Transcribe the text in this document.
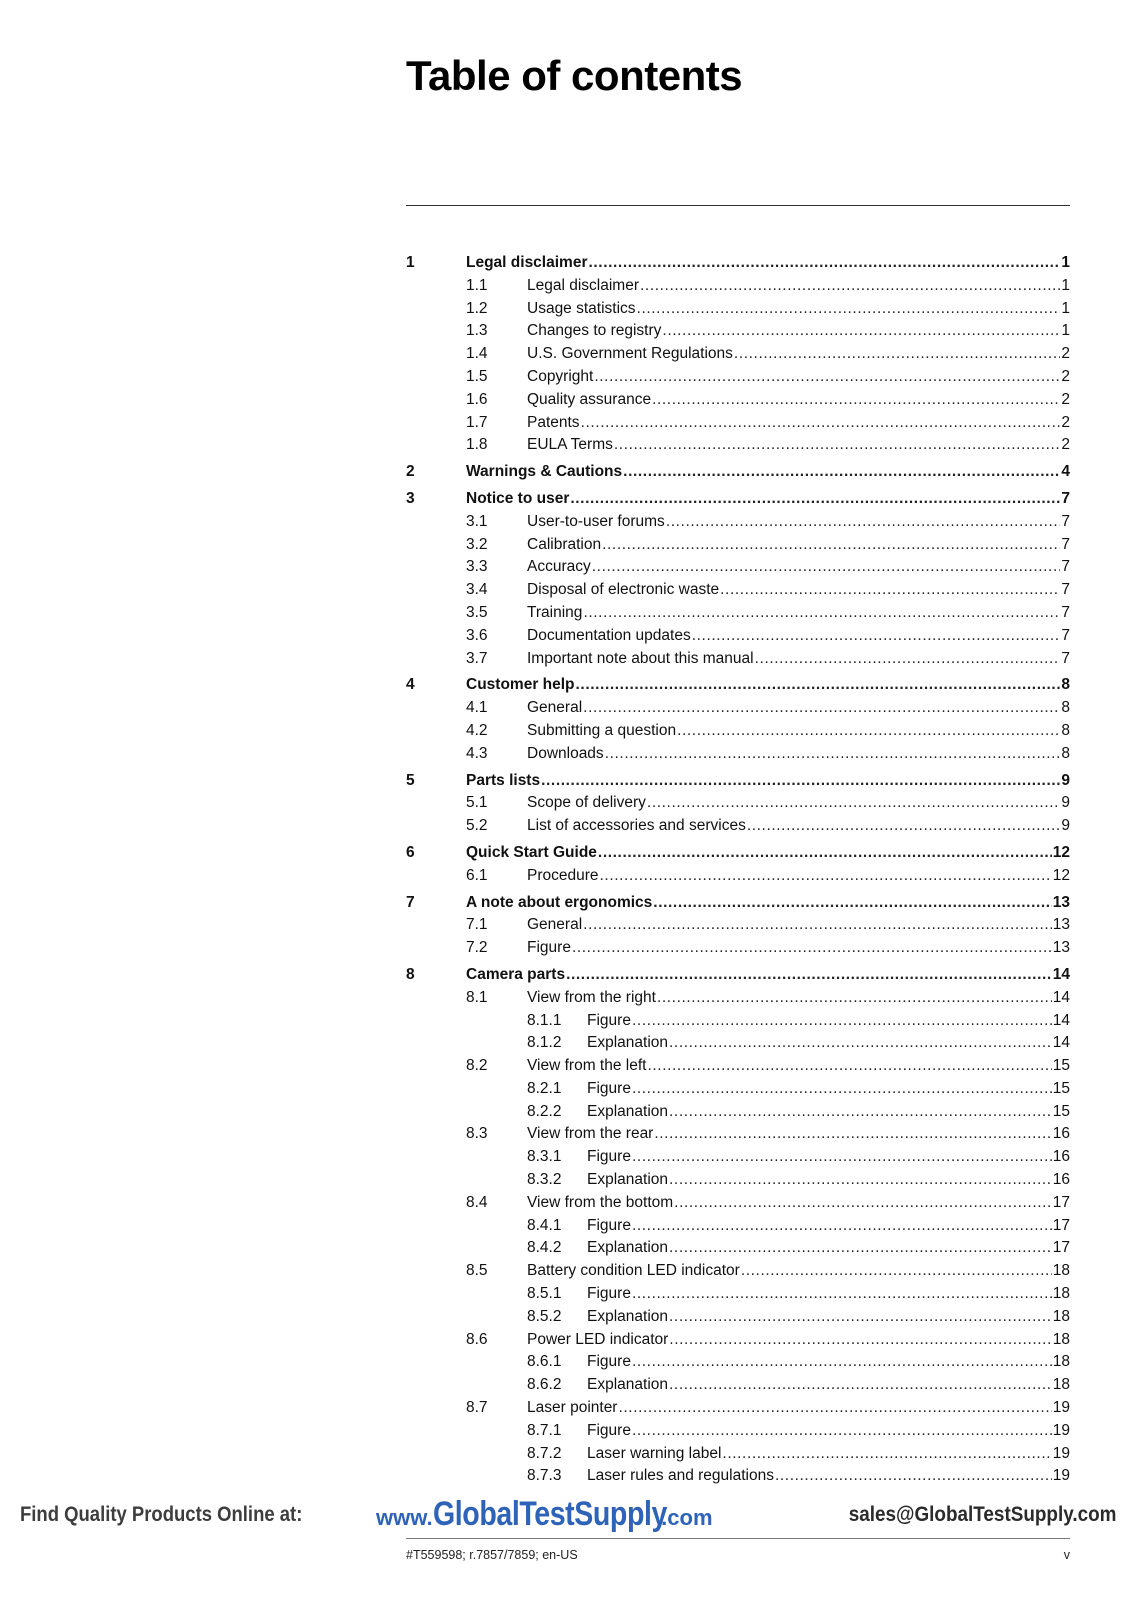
Table of contents
1	Legal disclaimer .....	1
1.1	Legal disclaimer .....	1
1.2	Usage statistics .....	1
1.3	Changes to registry .....	1
1.4	U.S. Government Regulations .....	2
1.5	Copyright .....	2
1.6	Quality assurance .....	2
1.7	Patents .....	2
1.8	EULA Terms .....	2
2	Warnings & Cautions .....	4
3	Notice to user .....	7
3.1	User-to-user forums .....	7
3.2	Calibration .....	7
3.3	Accuracy .....	7
3.4	Disposal of electronic waste .....	7
3.5	Training .....	7
3.6	Documentation updates .....	7
3.7	Important note about this manual .....	7
4	Customer help .....	8
4.1	General .....	8
4.2	Submitting a question .....	8
4.3	Downloads .....	8
5	Parts lists .....	9
5.1	Scope of delivery .....	9
5.2	List of accessories and services .....	9
6	Quick Start Guide .....	12
6.1	Procedure .....	12
7	A note about ergonomics .....	13
7.1	General .....	13
7.2	Figure .....	13
8	Camera parts .....	14
8.1	View from the right .....	14
8.1.1	Figure .....	14
8.1.2	Explanation .....	14
8.2	View from the left .....	15
8.2.1	Figure .....	15
8.2.2	Explanation .....	15
8.3	View from the rear .....	16
8.3.1	Figure .....	16
8.3.2	Explanation .....	16
8.4	View from the bottom .....	17
8.4.1	Figure .....	17
8.4.2	Explanation .....	17
8.5	Battery condition LED indicator .....	18
8.5.1	Figure .....	18
8.5.2	Explanation .....	18
8.6	Power LED indicator .....	18
8.6.1	Figure .....	18
8.6.2	Explanation .....	18
8.7	Laser pointer .....	19
8.7.1	Figure .....	19
8.7.2	Laser warning label .....	19
8.7.3	Laser rules and regulations .....	19
Find Quality Products Online at:	www.GlobalTestSupply.com	sales@GlobalTestSupply.com
#T559598; r.7857/7859; en-US	v
